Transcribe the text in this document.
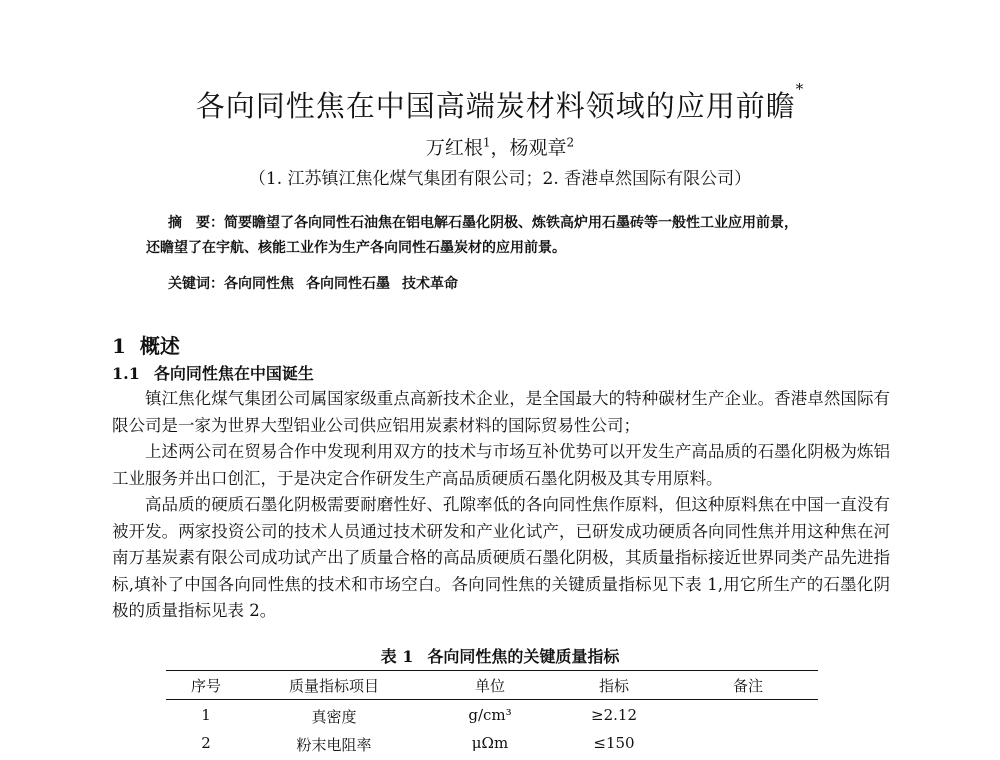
各向同性焦在中国高端炭材料领域的应用前瞻*
万红根$^1$，杨观章$^2$
（1. 江苏镇江焦化煤气集团有限公司；2. 香港卓然国际有限公司）
摘　要：简要瞻望了各向同性石油焦在铝电解石墨化阴极、炼铁高炉用石墨砖等一般性工业应用前景，
还瞻望了在宇航、核能工业作为生产各向同性石墨炭材的应用前景。
关键词：各向同性焦 各向同性石墨 技术革命
1 概述
1.1 各向同性焦在中国诞生

镇江焦化煤气集团公司属国家级重点高新技术企业，是全国最大的特种碳材生产企业。香港卓然国际有限公司是一家为世界大型铝业公司供应铝用炭素材料的国际贸易性公司；

上述两公司在贸易合作中发现利用双方的技术与市场互补优势可以开发生产高品质的石墨化阴极为炼铝工业服务并出口创汇，于是决定合作研发生产高品质硬质石墨化阴极及其专用原料。

高品质的硬质石墨化阴极需要耐磨性好、孔隙率低的各向同性焦作原料，但这种原料焦在中国一直没有被开发。两家投资公司的技术人员通过技术研发和产业化试产，已研发成功硬质各向同性焦并用这种焦在河南万基炭素有限公司成功试产出了质量合格的高品质硬质石墨化阴极，其质量指标接近世界同类产品先进指标,填补了中国各向同性焦的技术和市场空白。各向同性焦的关键质量指标见下表 1,用它所生产的石墨化阴极的质量指标见表 2。

表 1 各向同性焦的关键质量指标
序号	质量指标项目	单位	指标	备注
1	真密度	g/cm³	≥2.12
2	粉末电阻率	μΩm	≤150
